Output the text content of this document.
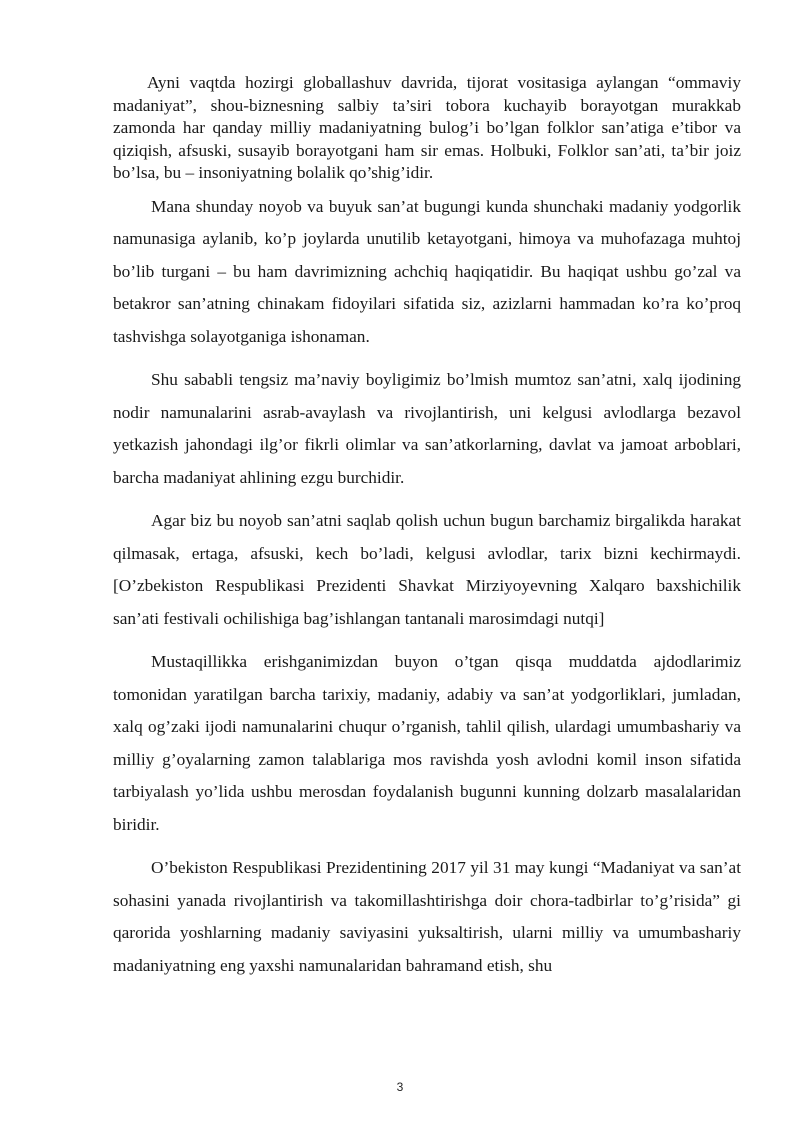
Ayni vaqtda hozirgi globallashuv davrida, tijorat vositasiga aylangan “ommaviy madaniyat”, shou-biznesning salbiy ta’siri tobora kuchayib borayotgan murakkab zamonda har qanday milliy madaniyatning bulog’i bo’lgan folklor san’atiga e’tibor va qiziqish, afsuski, susayib borayotgani ham sir emas. Holbuki, Folklor san’ati, ta’bir joiz bo’lsa, bu – insoniyatning bolalik qo’shig’idir.

Mana shunday noyob va buyuk san’at bugungi kunda shunchaki madaniy yodgorlik namunasiga aylanib, ko’p joylarda unutilib ketayotgani, himoya va muhofazaga muhtoj bo’lib turgani – bu ham davrimizning achchiq haqiqatidir. Bu haqiqat ushbu go’zal va betakror san’atning chinakam fidoyilari sifatida siz, azizlarni hammadan ko’ra ko’proq tashvishga solayotganiga ishonaman.

Shu sababli tengsiz ma’naviy boyligimiz bo’lmish mumtoz san’atni, xalq ijodining nodir namunalarini asrab-avaylash va rivojlantirish, uni kelgusi avlodlarga bezavol yetkazish jahondagi ilg’or fikrli olimlar va san’atkorlarning, davlat va jamoat arboblari, barcha madaniyat ahlining ezgu burchidir.

Agar biz bu noyob san’atni saqlab qolish uchun bugun barchamiz birgalikda harakat qilmasak, ertaga, afsuski, kech bo’ladi, kelgusi avlodlar, tarix bizni kechirmaydi. [O’zbekiston Respublikasi Prezidenti Shavkat Mirziyoyevning Xalqaro baxshichilik san’ati festivali ochilishiga bag’ishlangan tantanali marosimdagi nutqi]

Mustaqillikka erishganimizdan buyon o’tgan qisqa muddatda ajdodlarimiz tomonidan yaratilgan barcha tarixiy, madaniy, adabiy va san’at yodgorliklari, jumladan, xalq og’zaki ijodi namunalarini chuqur o’rganish, tahlil qilish, ulardagi umumbashariy va milliy g’oyalarning zamon talablariga mos ravishda yosh avlodni komil inson sifatida tarbiyalash yo’lida ushbu merosdan foydalanish bugunni kunning dolzarb masalalaridan biridir.

O’bekiston Respublikasi Prezidentining 2017 yil 31 may kungi “Madaniyat va san’at sohasini yanada rivojlantirish va takomillashtirishga doir chora-tadbirlar to’g’risida” gi qarorida yoshlarning madaniy saviyasini yuksaltirish, ularni milliy va umumbashariy madaniyatning eng yaxshi namunalaridan bahramand etish, shu

3
